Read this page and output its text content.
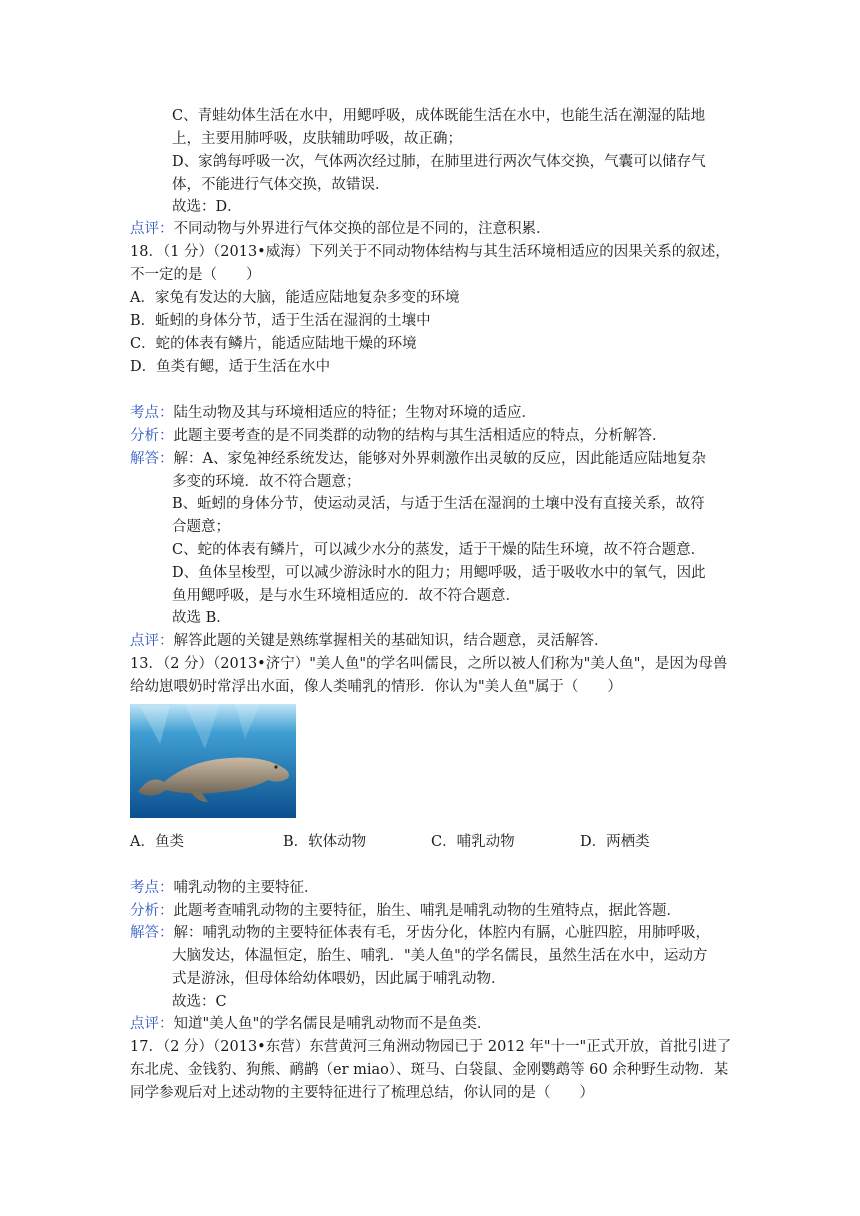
C、青蛙幼体生活在水中，用鳃呼吸，成体既能生活在水中，也能生活在潮湿的陆地
上，主要用肺呼吸，皮肤辅助呼吸，故正确；
D、家鸽每呼吸一次，气体两次经过肺，在肺里进行两次气体交换，气囊可以储存气
体，不能进行气体交换，故错误．
故选：D．
点评：不同动物与外界进行气体交换的部位是不同的，注意积累．
18．（1 分）（2013•威海）下列关于不同动物体结构与其生活环境相适应的因果关系的叙述，
不一定的是（　　）
A．家兔有发达的大脑，能适应陆地复杂多变的环境
B．蚯蚓的身体分节，适于生活在湿润的土壤中
C．蛇的体表有鳞片，能适应陆地干燥的环境
D．鱼类有鳃，适于生活在水中
考点：陆生动物及其与环境相适应的特征；生物对环境的适应．
分析：此题主要考查的是不同类群的动物的结构与其生活相适应的特点，分析解答．
解答：解：A、家兔神经系统发达，能够对外界刺激作出灵敏的反应，因此能适应陆地复杂
多变的环境．故不符合题意；
B、蚯蚓的身体分节，使运动灵活，与适于生活在湿润的土壤中没有直接关系，故符
合题意；
C、蛇的体表有鳞片，可以减少水分的蒸发，适于干燥的陆生环境，故不符合题意．
D、鱼体呈梭型，可以减少游泳时水的阻力；用鳃呼吸，适于吸收水中的氧气，因此
鱼用鳃呼吸，是与水生环境相适应的．故不符合题意．
故选 B．
点评：解答此题的关键是熟练掌握相关的基础知识，结合题意，灵活解答．
13．（2 分）（2013•济宁）"美人鱼"的学名叫儒艮，之所以被人们称为"美人鱼"，是因为母兽
给幼崽喂奶时常浮出水面，像人类哺乳的情形．你认为"美人鱼"属于（　　）
A．鱼类	B．软体动物	C．哺乳动物	D．两栖类
考点：哺乳动物的主要特征．
分析：此题考查哺乳动物的主要特征，胎生、哺乳是哺乳动物的生殖特点，据此答题．
解答：解：哺乳动物的主要特征体表有毛，牙齿分化，体腔内有膈，心脏四腔，用肺呼吸，
大脑发达，体温恒定，胎生、哺乳．"美人鱼"的学名儒艮，虽然生活在水中，运动方
式是游泳，但母体给幼体喂奶，因此属于哺乳动物．
故选：C
点评：知道"美人鱼"的学名儒艮是哺乳动物而不是鱼类．
17．（2 分）（2013•东营）东营黄河三角洲动物园已于 2012 年"十一"正式开放，首批引进了
东北虎、金钱豹、狗熊、鸸鹋（er miao）、斑马、白袋鼠、金刚鹦鹉等 60 余种野生动物．某
同学参观后对上述动物的主要特征进行了梳理总结，你认同的是（　　）
